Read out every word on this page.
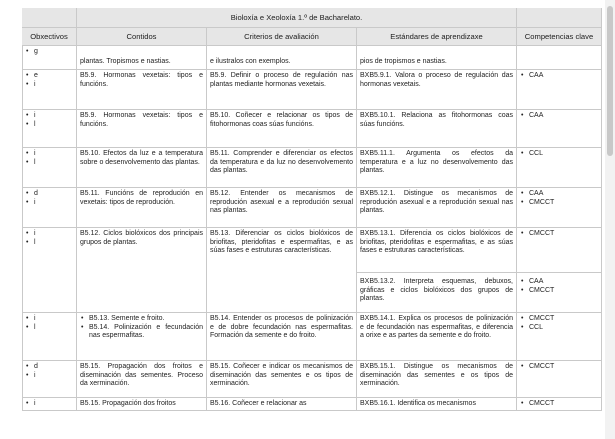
Bioloxía e Xeoloxía 1.º de Bacharelato.
Obxectivos	Contidos	Criterios de avaliación	Estándares de aprendizaxe	Competencias clave
• g
plantas. Tropismos e nastias.	e ilustralos con exemplos.	pios de tropismos e nastias.
• e
• i
B5.9. Hormonas vexetais: tipos e funcións.
B5.9. Definir o proceso de regulación nas plantas mediante hormonas vexetais.
BXB5.9.1. Valora o proceso de regulación das hormonas vexetais.
• CAA
• i
• l
B5.9. Hormonas vexetais: tipos e funcións.
B5.10. Coñecer e relacionar os tipos de fitohormonas coas súas funcións.
BXB5.10.1. Relaciona as fitohormonas coas súas funcións.
• CAA
• i
• l
B5.10. Efectos da luz e a temperatura sobre o desenvolvemento das plantas.
B5.11. Comprender e diferenciar os efectos da temperatura e da luz no desenvolvemento das plantas.
BXB5.11.1. Argumenta os efectos da temperatura e a luz no desenvolvemento das plantas.
• CCL
• d
• i
B5.11. Funcións de reprodución en vexetais: tipos de reprodución.
B5.12. Entender os mecanismos de reprodución asexual e a reprodución sexual nas plantas.
BXB5.12.1. Distingue os mecanismos de reprodución asexual e a reprodución sexual nas plantas.
• CAA
• CMCCT
• i
• l
B5.12. Ciclos biolóxicos dos principais grupos de plantas.
B5.13. Diferenciar os ciclos biolóxicos de briofitas, pteridofitas e espermafitas, e as súas fases e estruturas características.
BXB5.13.1. Diferencia os ciclos biolóxicos de briofitas, pteridofitas e espermafitas, e as súas fases e estruturas características.
• CMCCT
BXB5.13.2. Interpreta esquemas, debuxos, gráficas e ciclos biolóxicos dos grupos de plantas.
• CAA
• CMCCT
• i
• l
• B5.13. Semente e froito.
• B5.14. Polinización e fecundación nas espermafitas.
B5.14. Entender os procesos de polinización e de dobre fecundación nas espermafitas. Formación da semente e do froito.
BXB5.14.1. Explica os procesos de polinización e de fecundación nas espermafitas, e diferencia a orixe e as partes da semente e do froito.
• CMCCT
• CCL
• d
• i
B5.15. Propagación dos froitos e diseminación das sementes. Proceso da xerminación.
B5.15. Coñecer e indicar os mecanismos de diseminación das sementes e os tipos de xerminación.
BXB5.15.1. Distingue os mecanismos de diseminación das sementes e os tipos de xerminación.
• CMCCT
• i	B5.15. Propagación dos froitos	B5.16. Coñecer e relacionar as	BXB5.16.1. Identifica os mecanismos
•	CMCCT
